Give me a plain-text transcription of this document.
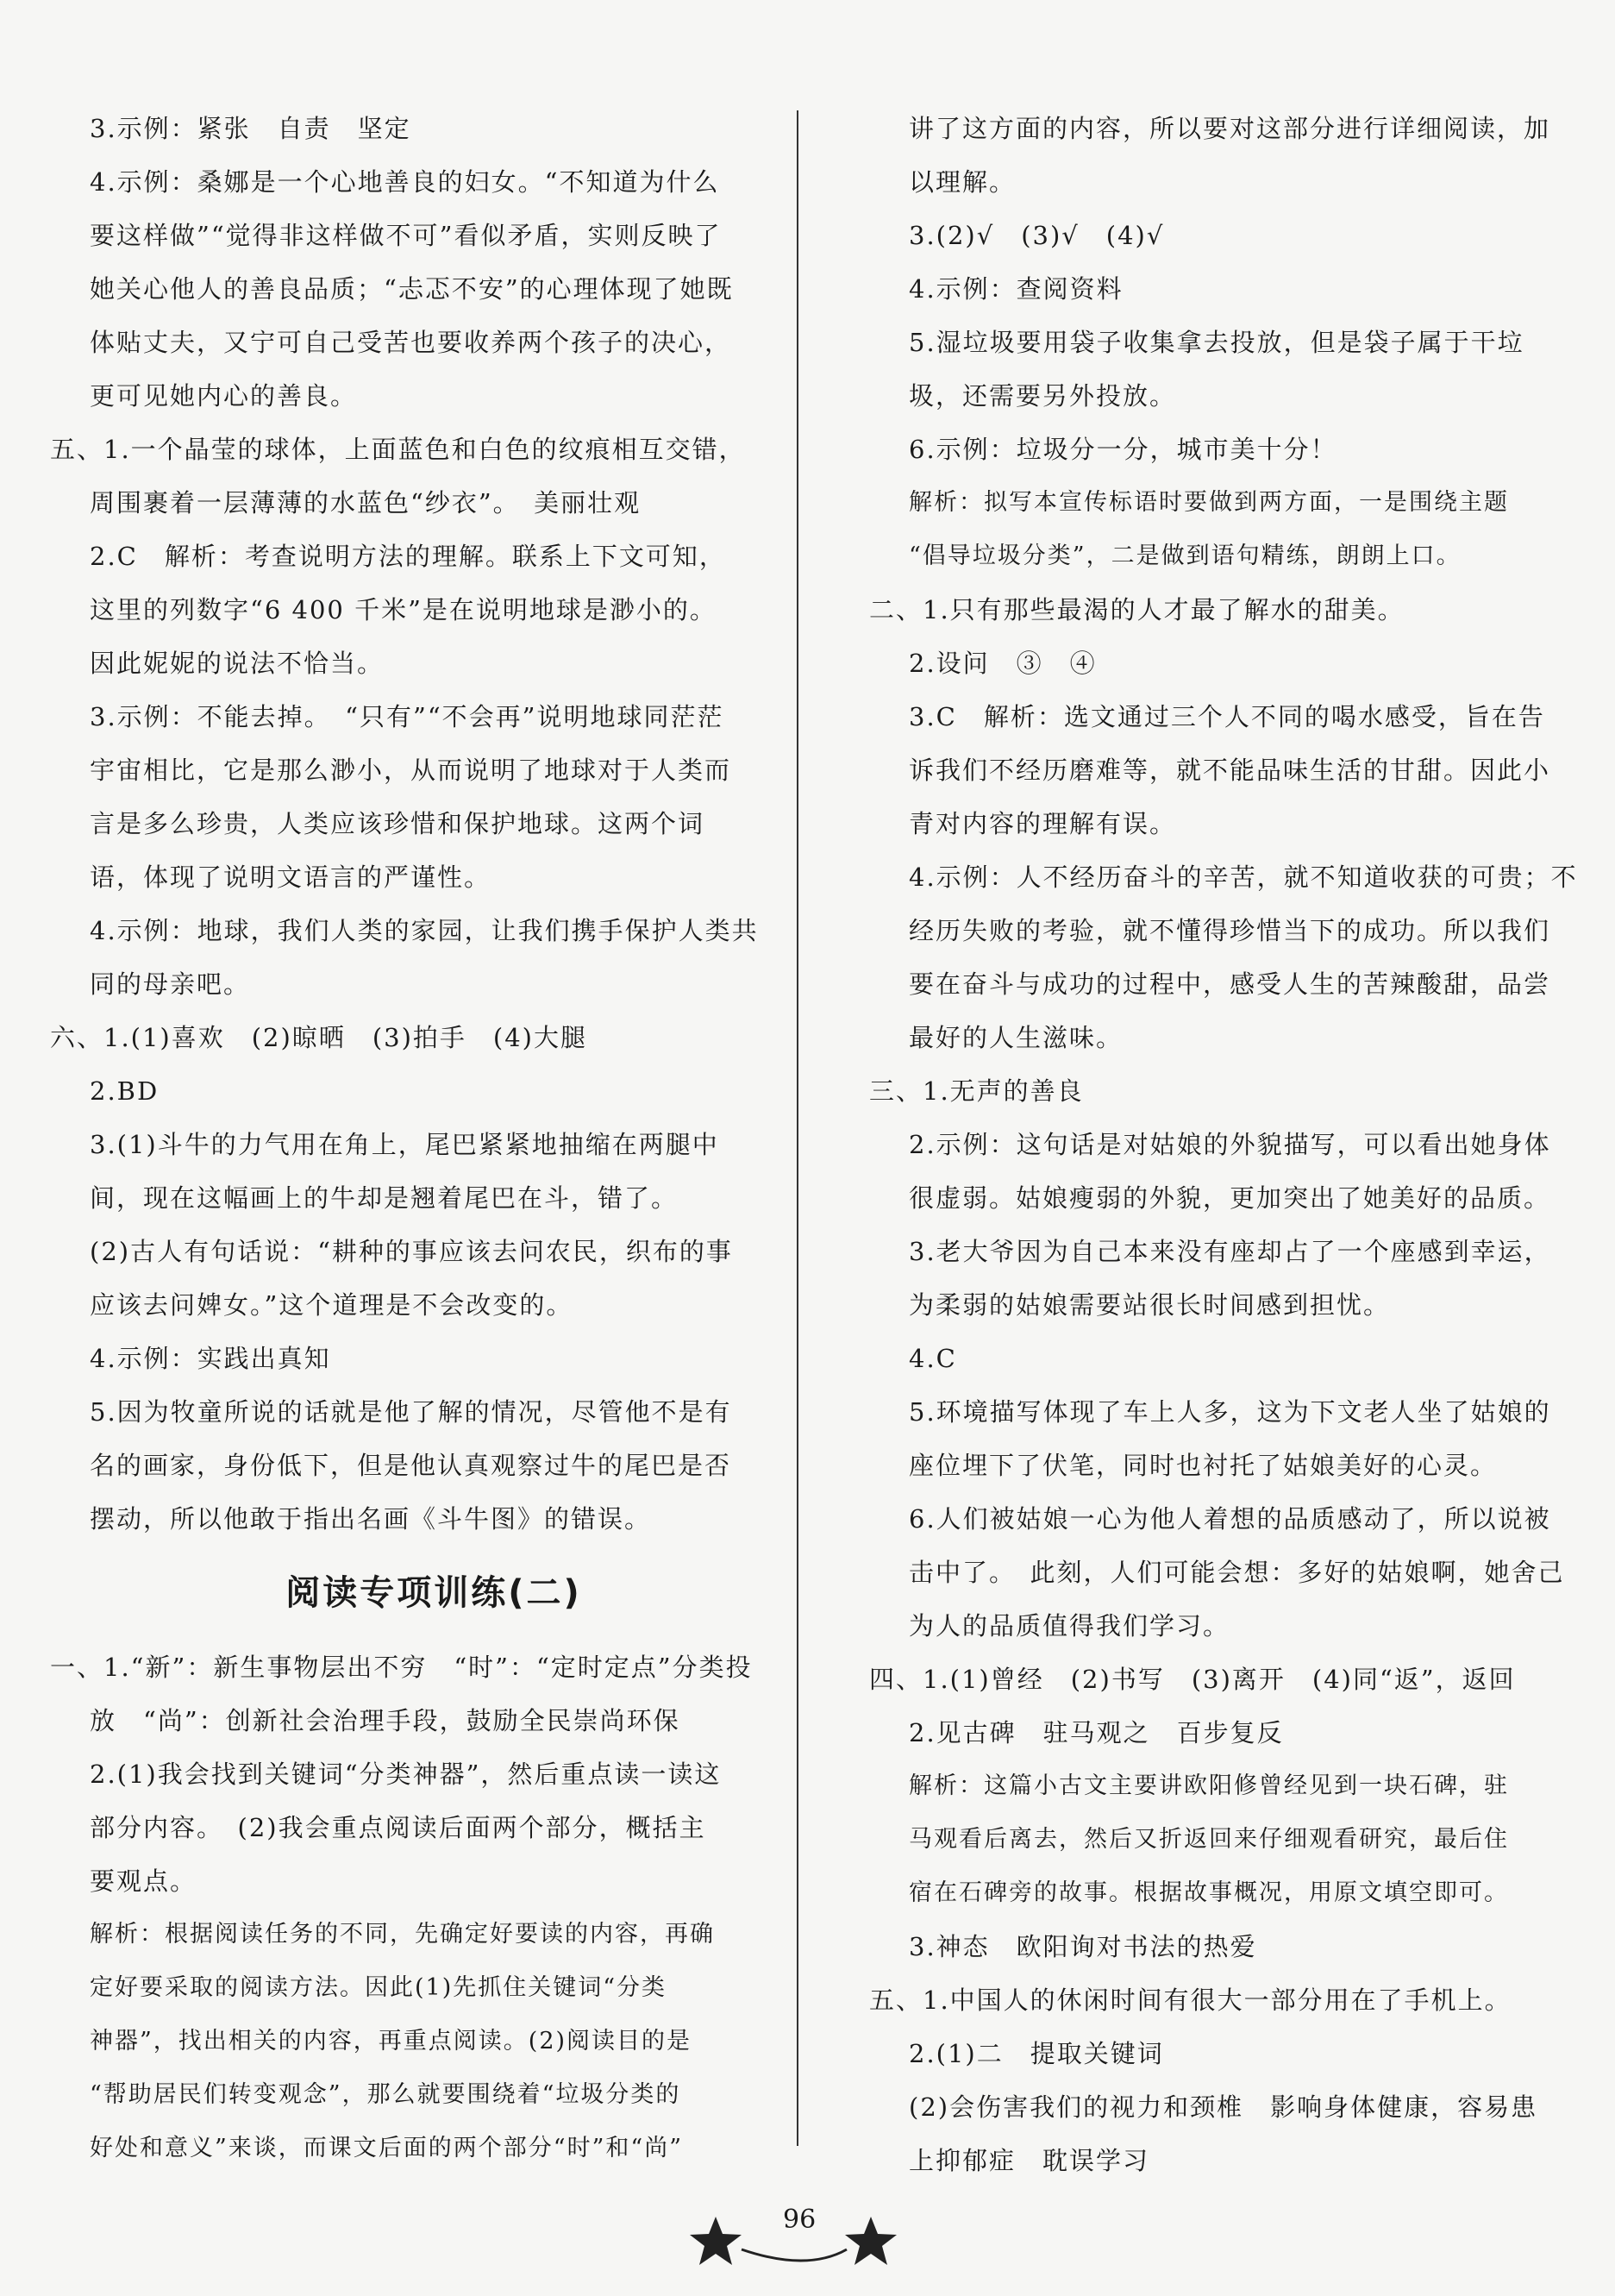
3.示例：紧张　自责　坚定
4.示例：桑娜是一个心地善良的妇女。“不知道为什么
要这样做”“觉得非这样做不可”看似矛盾，实则反映了
她关心他人的善良品质；“忐忑不安”的心理体现了她既
体贴丈夫，又宁可自己受苦也要收养两个孩子的决心，
更可见她内心的善良。
五、1.一个晶莹的球体，上面蓝色和白色的纹痕相互交错，
周围裹着一层薄薄的水蓝色“纱衣”。　美丽壮观
2.C　解析：考查说明方法的理解。联系上下文可知，
这里的列数字“6 400 千米”是在说明地球是渺小的。
因此妮妮的说法不恰当。
3.示例：不能去掉。　“只有”“不会再”说明地球同茫茫
宇宙相比，它是那么渺小，从而说明了地球对于人类而
言是多么珍贵，人类应该珍惜和保护地球。这两个词
语，体现了说明文语言的严谨性。
4.示例：地球，我们人类的家园，让我们携手保护人类共
同的母亲吧。
六、1.(1)喜欢　(2)晾晒　(3)拍手　(4)大腿
2.BD
3.(1)斗牛的力气用在角上，尾巴紧紧地抽缩在两腿中
间，现在这幅画上的牛却是翘着尾巴在斗，错了。
(2)古人有句话说：“耕种的事应该去问农民，织布的事
应该去问婢女。”这个道理是不会改变的。
4.示例：实践出真知
5.因为牧童所说的话就是他了解的情况，尽管他不是有
名的画家，身份低下，但是他认真观察过牛的尾巴是否
摆动，所以他敢于指出名画《斗牛图》的错误。
阅读专项训练(二)
一、1.“新”：新生事物层出不穷　“时”：“定时定点”分类投
放　“尚”：创新社会治理手段，鼓励全民崇尚环保
2.(1)我会找到关键词“分类神器”，然后重点读一读这
部分内容。　(2)我会重点阅读后面两个部分，概括主
要观点。
解析：根据阅读任务的不同，先确定好要读的内容，再确
定好要采取的阅读方法。因此(1)先抓住关键词“分类
神器”，找出相关的内容，再重点阅读。(2)阅读目的是
“帮助居民们转变观念”，那么就要围绕着“垃圾分类的
好处和意义”来谈，而课文后面的两个部分“时”和“尚”
讲了这方面的内容，所以要对这部分进行详细阅读，加
以理解。
3.(2)√　(3)√　(4)√
4.示例：查阅资料
5.湿垃圾要用袋子收集拿去投放，但是袋子属于干垃
圾，还需要另外投放。
6.示例：垃圾分一分，城市美十分！
解析：拟写本宣传标语时要做到两方面，一是围绕主题
“倡导垃圾分类”，二是做到语句精练，朗朗上口。
二、1.只有那些最渴的人才最了解水的甜美。
2.设问　③　④
3.C　解析：选文通过三个人不同的喝水感受，旨在告
诉我们不经历磨难等，就不能品味生活的甘甜。因此小
青对内容的理解有误。
4.示例：人不经历奋斗的辛苦，就不知道收获的可贵；不
经历失败的考验，就不懂得珍惜当下的成功。所以我们
要在奋斗与成功的过程中，感受人生的苦辣酸甜，品尝
最好的人生滋味。
三、1.无声的善良
2.示例：这句话是对姑娘的外貌描写，可以看出她身体
很虚弱。姑娘瘦弱的外貌，更加突出了她美好的品质。
3.老大爷因为自己本来没有座却占了一个座感到幸运，
为柔弱的姑娘需要站很长时间感到担忧。
4.C
5.环境描写体现了车上人多，这为下文老人坐了姑娘的
座位埋下了伏笔，同时也衬托了姑娘美好的心灵。
6.人们被姑娘一心为他人着想的品质感动了，所以说被
击中了。　此刻，人们可能会想：多好的姑娘啊，她舍己
为人的品质值得我们学习。
四、1.(1)曾经　(2)书写　(3)离开　(4)同“返”，返回
2.见古碑　驻马观之　百步复反
解析：这篇小古文主要讲欧阳修曾经见到一块石碑，驻
马观看后离去，然后又折返回来仔细观看研究，最后住
宿在石碑旁的故事。根据故事概况，用原文填空即可。
3.神态　欧阳询对书法的热爱
五、1.中国人的休闲时间有很大一部分用在了手机上。
2.(1)二　提取关键词
(2)会伤害我们的视力和颈椎　影响身体健康，容易患
上抑郁症　耽误学习
96
